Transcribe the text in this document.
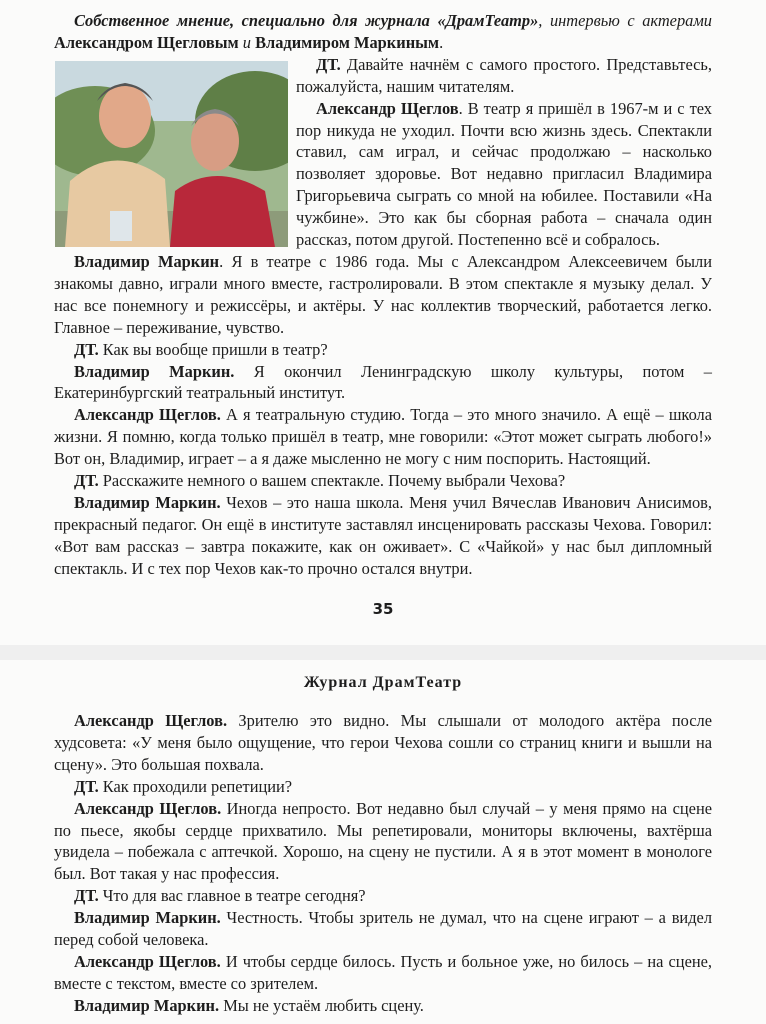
Собственное мнение, специально для журнала «ДрамТеатр», интервью с актерами Александром Щегловым и Владимиром Маркиным.

ДТ. Давайте начнём с самого простого. Представьтесь, пожалуйста, нашим читателям.

Александр Щеглов. В театр я пришёл в 1967-м и с тех пор никуда не уходил. Почти всю жизнь здесь. Спектакли ставил, сам играл, и сейчас продолжаю – насколько позволяет здоровье. Вот недавно пригласил Владимира Григорьевича сыграть со мной на юбилее. Поставили «На чужбине». Это как бы сборная работа – сначала один рассказ, потом другой. Постепенно всё и собралось.

Владимир Маркин. Я в театре с 1986 года. Мы с Александром Алексеевичем были знакомы давно, играли много вместе, гастролировали. В этом спектакле я музыку делал. У нас все понемногу и режиссёры, и актёры. У нас коллектив творческий, работается легко. Главное – переживание, чувство.

ДТ. Как вы вообще пришли в театр?

Владимир Маркин. Я окончил Ленинградскую школу культуры, потом – Екатеринбургский театральный институт.

Александр Щеглов. А я театральную студию. Тогда – это много значило. А ещё – школа жизни. Я помню, когда только пришёл в театр, мне говорили: «Этот может сыграть любого!» Вот он, Владимир, играет – а я даже мысленно не могу с ним поспорить. Настоящий.

ДТ. Расскажите немного о вашем спектакле. Почему выбрали Чехова?

Владимир Маркин. Чехов – это наша школа. Меня учил Вячеслав Иванович Анисимов, прекрасный педагог. Он ещё в институте заставлял инсценировать рассказы Чехова. Говорил: «Вот вам рассказ – завтра покажите, как он оживает». С «Чайкой» у нас был дипломный спектакль. И с тех пор Чехов как-то прочно остался внутри.

35
Журнал ДрамТеатр

Александр Щеглов. Зрителю это видно. Мы слышали от молодого актёра после худсовета: «У меня было ощущение, что герои Чехова сошли со страниц книги и вышли на сцену». Это большая похвала.

ДТ. Как проходили репетиции?

Александр Щеглов. Иногда непросто. Вот недавно был случай – у меня прямо на сцене по пьесе, якобы сердце прихватило. Мы репетировали, мониторы включены, вахтёрша увидела – побежала с аптечкой. Хорошо, на сцену не пустили. А я в этот момент в монологе был. Вот такая у нас профессия.

ДТ. Что для вас главное в театре сегодня?

Владимир Маркин. Честность. Чтобы зритель не думал, что на сцене играют – а видел перед собой человека.

Александр Щеглов. И чтобы сердце билось. Пусть и больное уже, но билось – на сцене, вместе с текстом, вместе со зрителем.

Владимир Маркин. Мы не устаём любить сцену.
